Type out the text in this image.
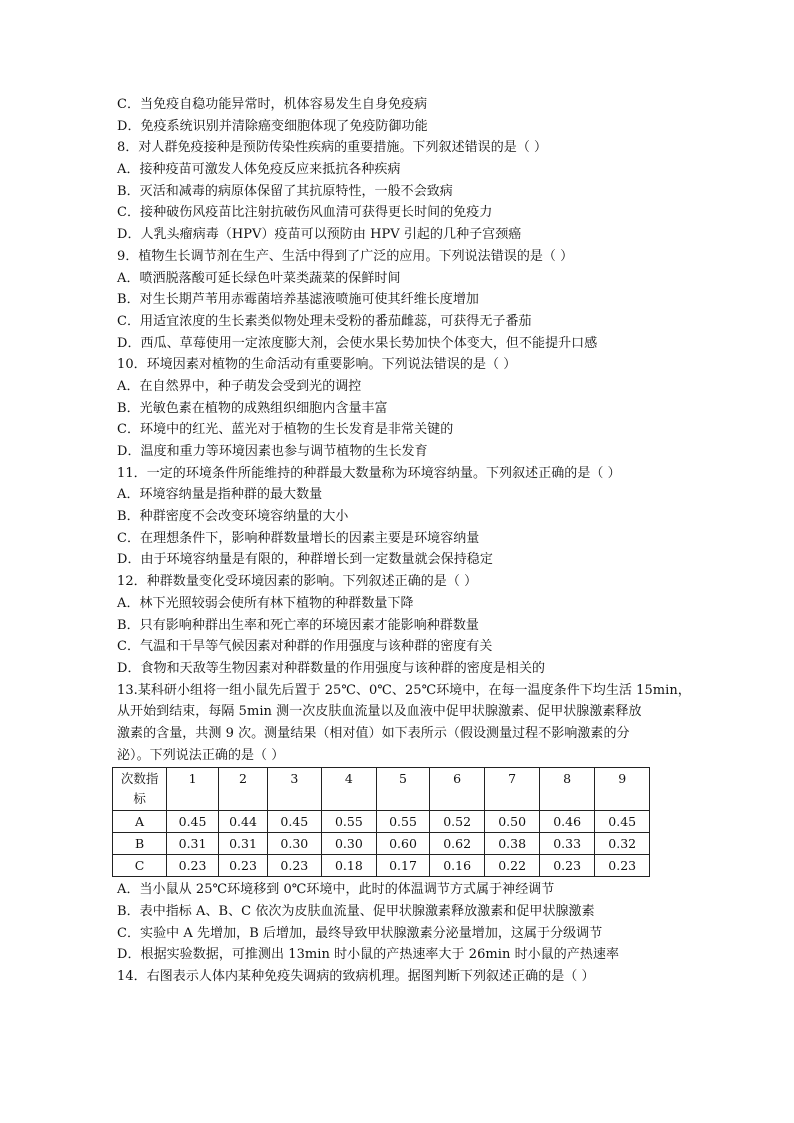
C．当免疫自稳功能异常时，机体容易发生自身免疫病
D．免疫系统识别并清除癌变细胞体现了免疫防御功能
8．对人群免疫接种是预防传染性疾病的重要措施。下列叙述错误的是（ ）
A．接种疫苗可激发人体免疫反应来抵抗各种疾病
B．灭活和减毒的病原体保留了其抗原特性，一般不会致病
C．接种破伤风疫苗比注射抗破伤风血清可获得更长时间的免疫力
D．人乳头瘤病毒（HPV）疫苗可以预防由 HPV 引起的几种子宫颈癌
9．植物生长调节剂在生产、生活中得到了广泛的应用。下列说法错误的是（ ）
A．喷洒脱落酸可延长绿色叶菜类蔬菜的保鲜时间
B．对生长期芦苇用赤霉菌培养基滤液喷施可使其纤维长度增加
C．用适宜浓度的生长素类似物处理未受粉的番茄雌蕊，可获得无子番茄
D．西瓜、草莓使用一定浓度膨大剂，会使水果长势加快个体变大，但不能提升口感
10．环境因素对植物的生命活动有重要影响。下列说法错误的是（ ）
A．在自然界中，种子萌发会受到光的调控
B．光敏色素在植物的成熟组织细胞内含量丰富
C．环境中的红光、蓝光对于植物的生长发育是非常关键的
D．温度和重力等环境因素也参与调节植物的生长发育
11．一定的环境条件所能维持的种群最大数量称为环境容纳量。下列叙述正确的是（ ）
A．环境容纳量是指种群的最大数量
B．种群密度不会改变环境容纳量的大小
C．在理想条件下，影响种群数量增长的因素主要是环境容纳量
D．由于环境容纳量是有限的，种群增长到一定数量就会保持稳定
12．种群数量变化受环境因素的影响。下列叙述正确的是（ ）
A．林下光照较弱会使所有林下植物的种群数量下降
B．只有影响种群出生率和死亡率的环境因素才能影响种群数量
C．气温和干旱等气候因素对种群的作用强度与该种群的密度有关
D．食物和天敌等生物因素对种群数量的作用强度与该种群的密度是相关的
13.某科研小组将一组小鼠先后置于 25℃、0℃、25℃环境中，在每一温度条件下均生活 15min，
从开始到结束，每隔 5min 测一次皮肤血流量以及血液中促甲状腺激素、促甲状腺激素释放
激素的含量，共测 9 次。测量结果（相对值）如下表所示（假设测量过程不影响激素的分
泌）。下列说法正确的是（ ）
次数指
标	1	2	3	4	5	6	7	8	9
A	0.45	0.44	0.45	0.55	0.55	0.52	0.50	0.46	0.45
B	0.31	0.31	0.30	0.30	0.60	0.62	0.38	0.33	0.32
C	0.23	0.23	0.23	0.18	0.17	0.16	0.22	0.23	0.23
A．当小鼠从 25℃环境移到 0℃环境中，此时的体温调节方式属于神经调节
B．表中指标 A、B、C 依次为皮肤血流量、促甲状腺激素释放激素和促甲状腺激素
C．实验中 A 先增加，B 后增加，最终导致甲状腺激素分泌量增加，这属于分级调节
D．根据实验数据，可推测出 13min 时小鼠的产热速率大于 26min 时小鼠的产热速率
14．右图表示人体内某种免疫失调病的致病机理。据图判断下列叙述正确的是（ ）
